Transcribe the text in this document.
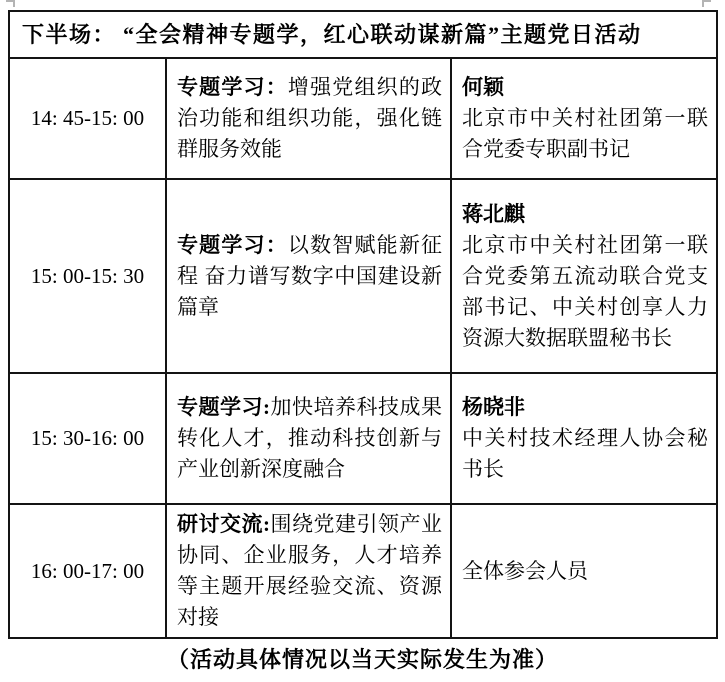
下半场： “全会精神专题学，红心联动谋新篇”主题党日活动		
14: 45-15: 00	专题学习：增强党组织的政治功能和组织功能，强化链群服务效能	何颖
北京市中关村社团第一联合党委专职副书记

15: 00-15: 30	专题学习：以数智赋能新征程 奋力谱写数字中国建设新篇章	蒋北麒
北京市中关村社团第一联合党委第五流动联合党支部书记、中关村创享人力资源大数据联盟秘书长

15: 30-16: 00	专题学习:加快培养科技成果转化人才，推动科技创新与产业创新深度融合	杨晓非
中关村技术经理人协会秘书长

16: 00-17: 00	研讨交流:围绕党建引领产业协同、企业服务，人才培养等主题开展经验交流、资源对接	全体参会人员
（活动具体情况以当天实际发生为准）
